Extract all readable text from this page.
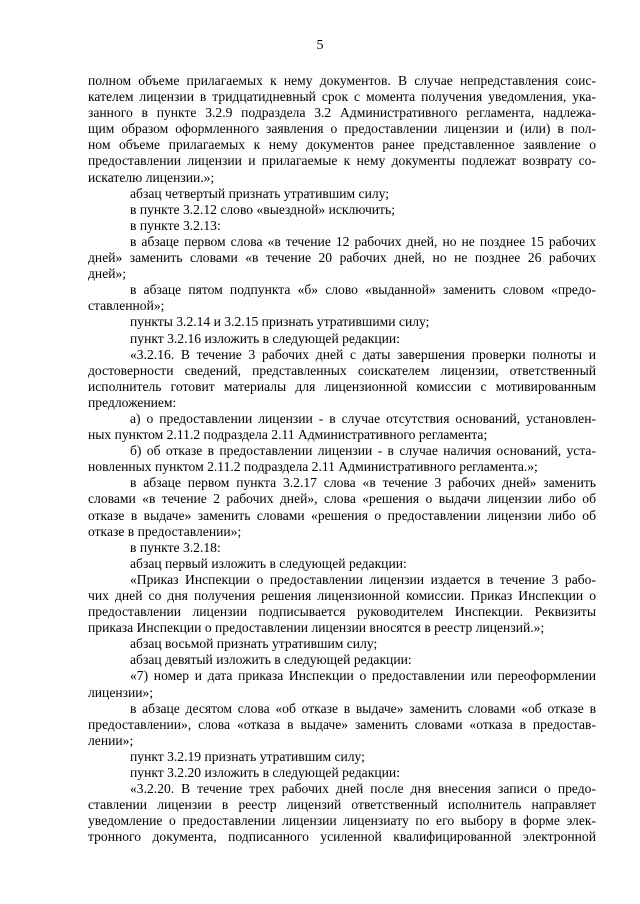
5
полном объеме прилагаемых к нему документов. В случае непредставления соис-
кателем лицензии в тридцатидневный срок с момента получения уведомления, ука-
занного в пункте 3.2.9 подраздела 3.2 Административного регламента, надлежа-
щим образом оформленного заявления о предоставлении лицензии и (или) в пол-
ном объеме прилагаемых к нему документов ранее представленное заявление о
предоставлении лицензии и прилагаемые к нему документы подлежат возврату со-
искателю лицензии.»;
абзац четвертый признать утратившим силу;
в пункте 3.2.12 слово «выездной» исключить;
в пункте 3.2.13:
в абзаце первом слова «в течение 12 рабочих дней, но не позднее 15 рабочих
дней» заменить словами «в течение 20 рабочих дней, но не позднее 26 рабочих
дней»;
в абзаце пятом подпункта «б» слово «выданной» заменить словом «предо-
ставленной»;
пункты 3.2.14 и 3.2.15 признать утратившими силу;
пункт 3.2.16 изложить в следующей редакции:
«3.2.16. В течение 3 рабочих дней с даты завершения проверки полноты и
достоверности сведений, представленных соискателем лицензии, ответственный
исполнитель готовит материалы для лицензионной комиссии с мотивированным
предложением:
а) о предоставлении лицензии - в случае отсутствия оснований, установлен-
ных пунктом 2.11.2 подраздела 2.11 Административного регламента;
б) об отказе в предоставлении лицензии - в случае наличия оснований, уста-
новленных пунктом 2.11.2 подраздела 2.11 Административного регламента.»;
в абзаце первом пункта 3.2.17 слова «в течение 3 рабочих дней» заменить
словами «в течение 2 рабочих дней», слова «решения о выдачи лицензии либо об
отказе в выдаче» заменить словами «решения о предоставлении лицензии либо об
отказе в предоставлении»;
в пункте 3.2.18:
абзац первый изложить в следующей редакции:
«Приказ Инспекции о предоставлении лицензии издается в течение 3 рабо-
чих дней со дня получения решения лицензионной комиссии. Приказ Инспекции о
предоставлении лицензии подписывается руководителем Инспекции. Реквизиты
приказа Инспекции о предоставлении лицензии вносятся в реестр лицензий.»;
абзац восьмой признать утратившим силу;
абзац девятый изложить в следующей редакции:
«7) номер и дата приказа Инспекции о предоставлении или переоформлении
лицензии»;
в абзаце десятом слова «об отказе в выдаче» заменить словами «об отказе в
предоставлении», слова «отказа в выдаче» заменить словами «отказа в предостав-
лении»;
пункт 3.2.19 признать утратившим силу;
пункт 3.2.20 изложить в следующей редакции:
«3.2.20. В течение трех рабочих дней после дня внесения записи о предо-
ставлении лицензии в реестр лицензий ответственный исполнитель направляет
уведомление о предоставлении лицензии лицензиату по его выбору в форме элек-
тронного документа, подписанного усиленной квалифицированной электронной
